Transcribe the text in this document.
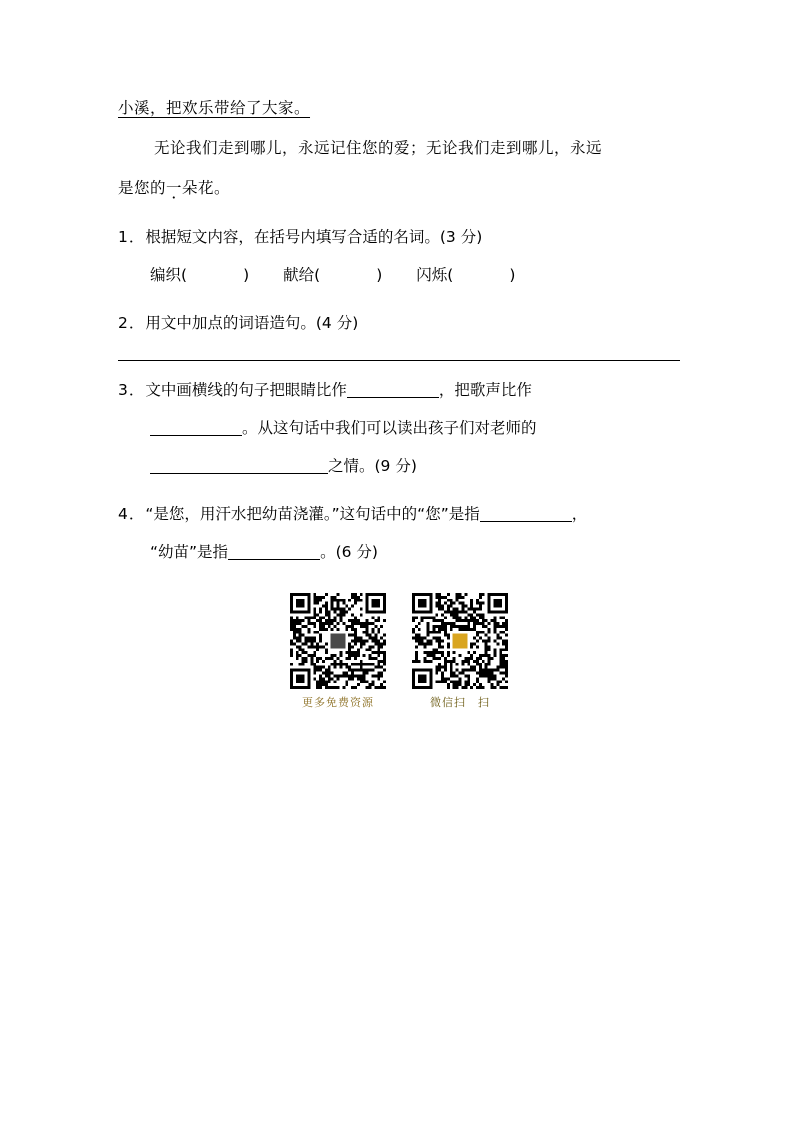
小溪，把欢乐带给了大家。
无论我们走到哪儿，永远记住您的爱；无论我们走到哪儿，永远
是您的一朵花。 ·
1．根据短文内容，在括号内填写合适的名词。(3 分)
编织(	) 献给(	) 闪烁(	)
2．用文中加点的词语造句。(4 分)
3．文中画横线的句子把眼睛比作	，把歌声比作
。从这句话中我们可以读出孩子们对老师的
之情。(9 分)
4．“是您，用汗水把幼苗浇灌。”这句话中的“您”是指	，
“幼苗”是指	。(6 分)
更多免费资源	微信扫　扫
